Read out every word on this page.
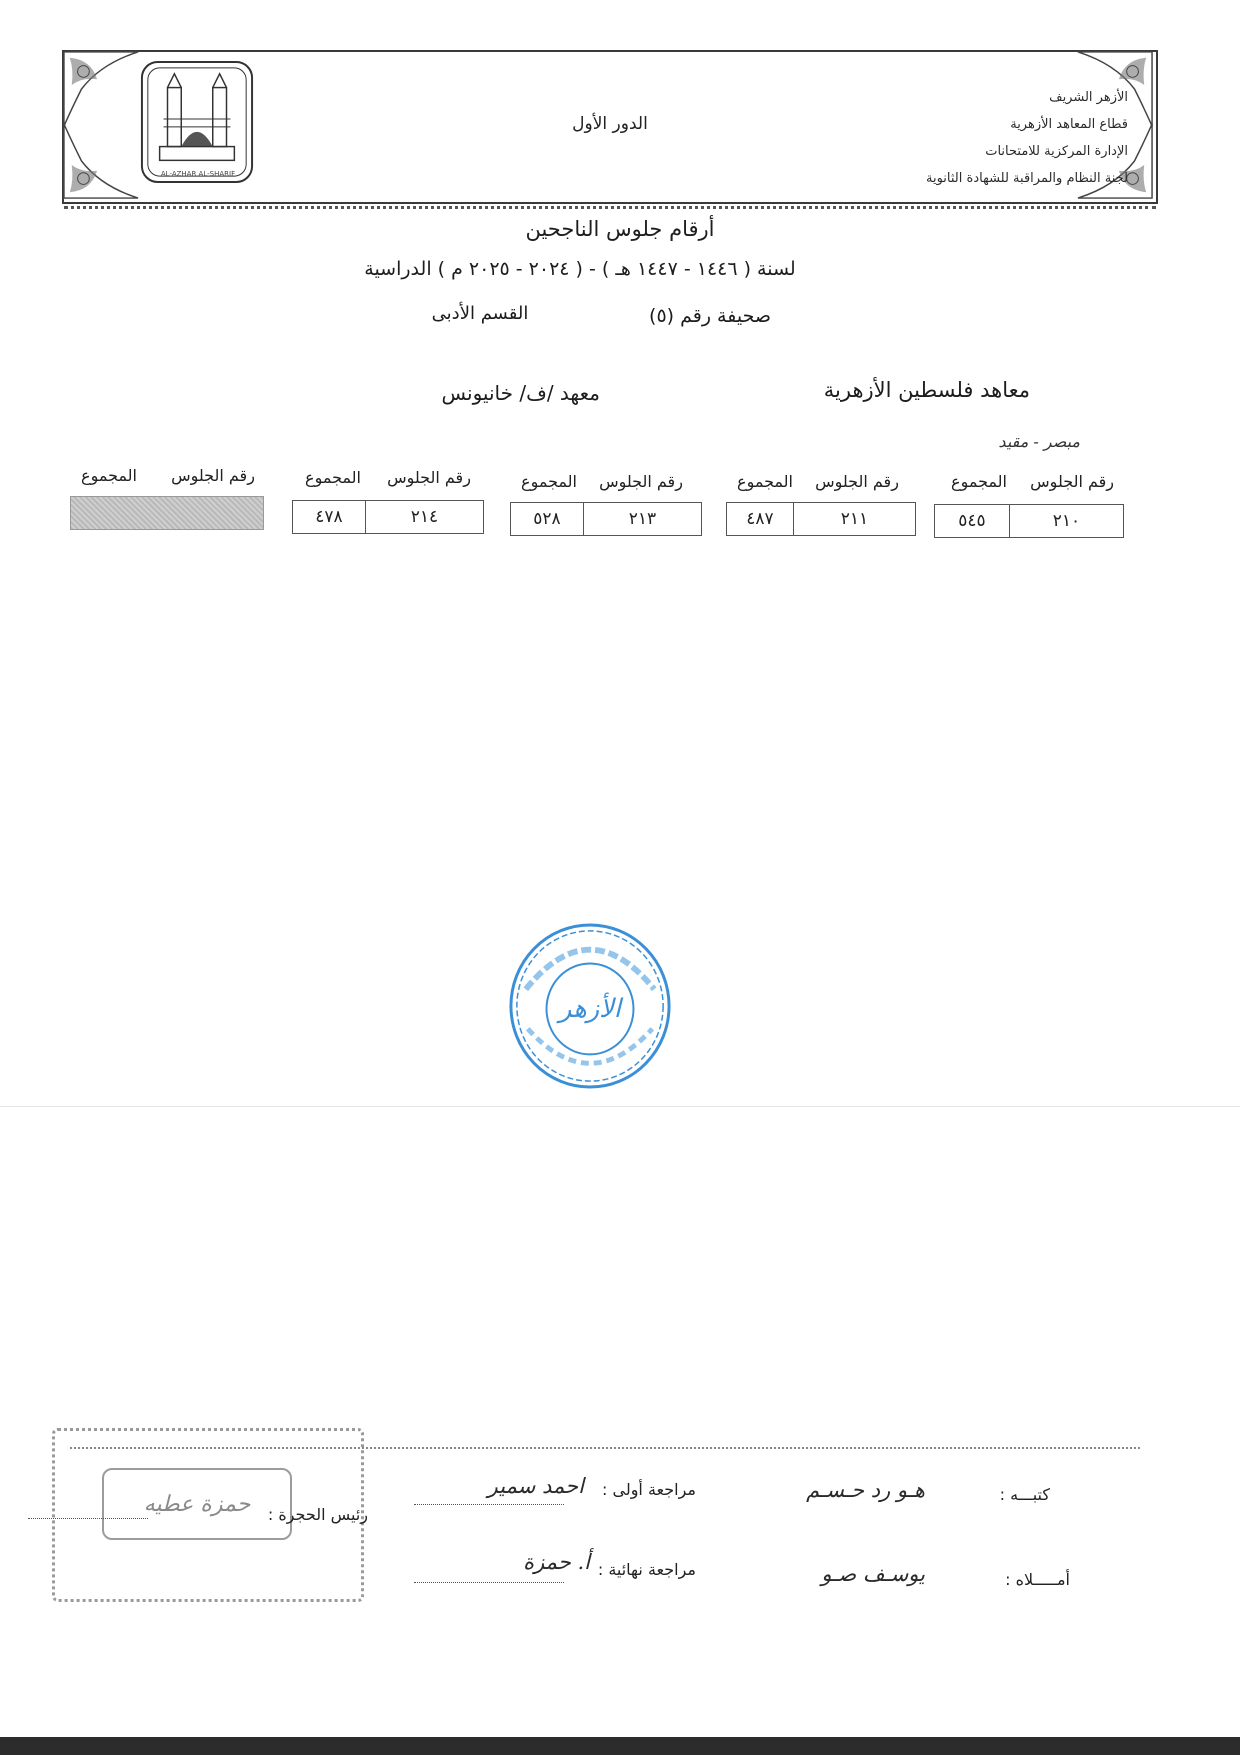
AL-AZHAR AL-SHARIF
الأزهر الشريف
قطاع المعاهد الأزهرية
الإدارة المركزية للامتحانات
لجنة النظام والمراقبة للشهادة الثانوية
الدور الأول
أرقام جلوس الناجحين
لسنة ( ١٤٤٦ - ١٤٤٧ هـ ) - ( ٢٠٢٤ - ٢٠٢٥ م ) الدراسية
صحيفة رقم (٥)
القسم الأدبى
معاهد فلسطين الأزهرية
معهد /ف/ خانيونس
مبصر - مقيد
رقم الجلوس
المجموع
٢١٠
٥٤٥
رقم الجلوس
المجموع
٢١١
٤٨٧
رقم الجلوس
المجموع
٢١٣
٥٢٨
رقم الجلوس
المجموع
٢١٤
٤٧٨
رقم الجلوس
المجموع
الأزهر
حمزة عطيه	رئيس الحجرة :
كتبـــه :
هـو رد حـسـم
أمـــــلاه :
يوسـف صـو
مراجعة أولى :
احمد سمير
مراجعة نهائية :
أ. حمزة
